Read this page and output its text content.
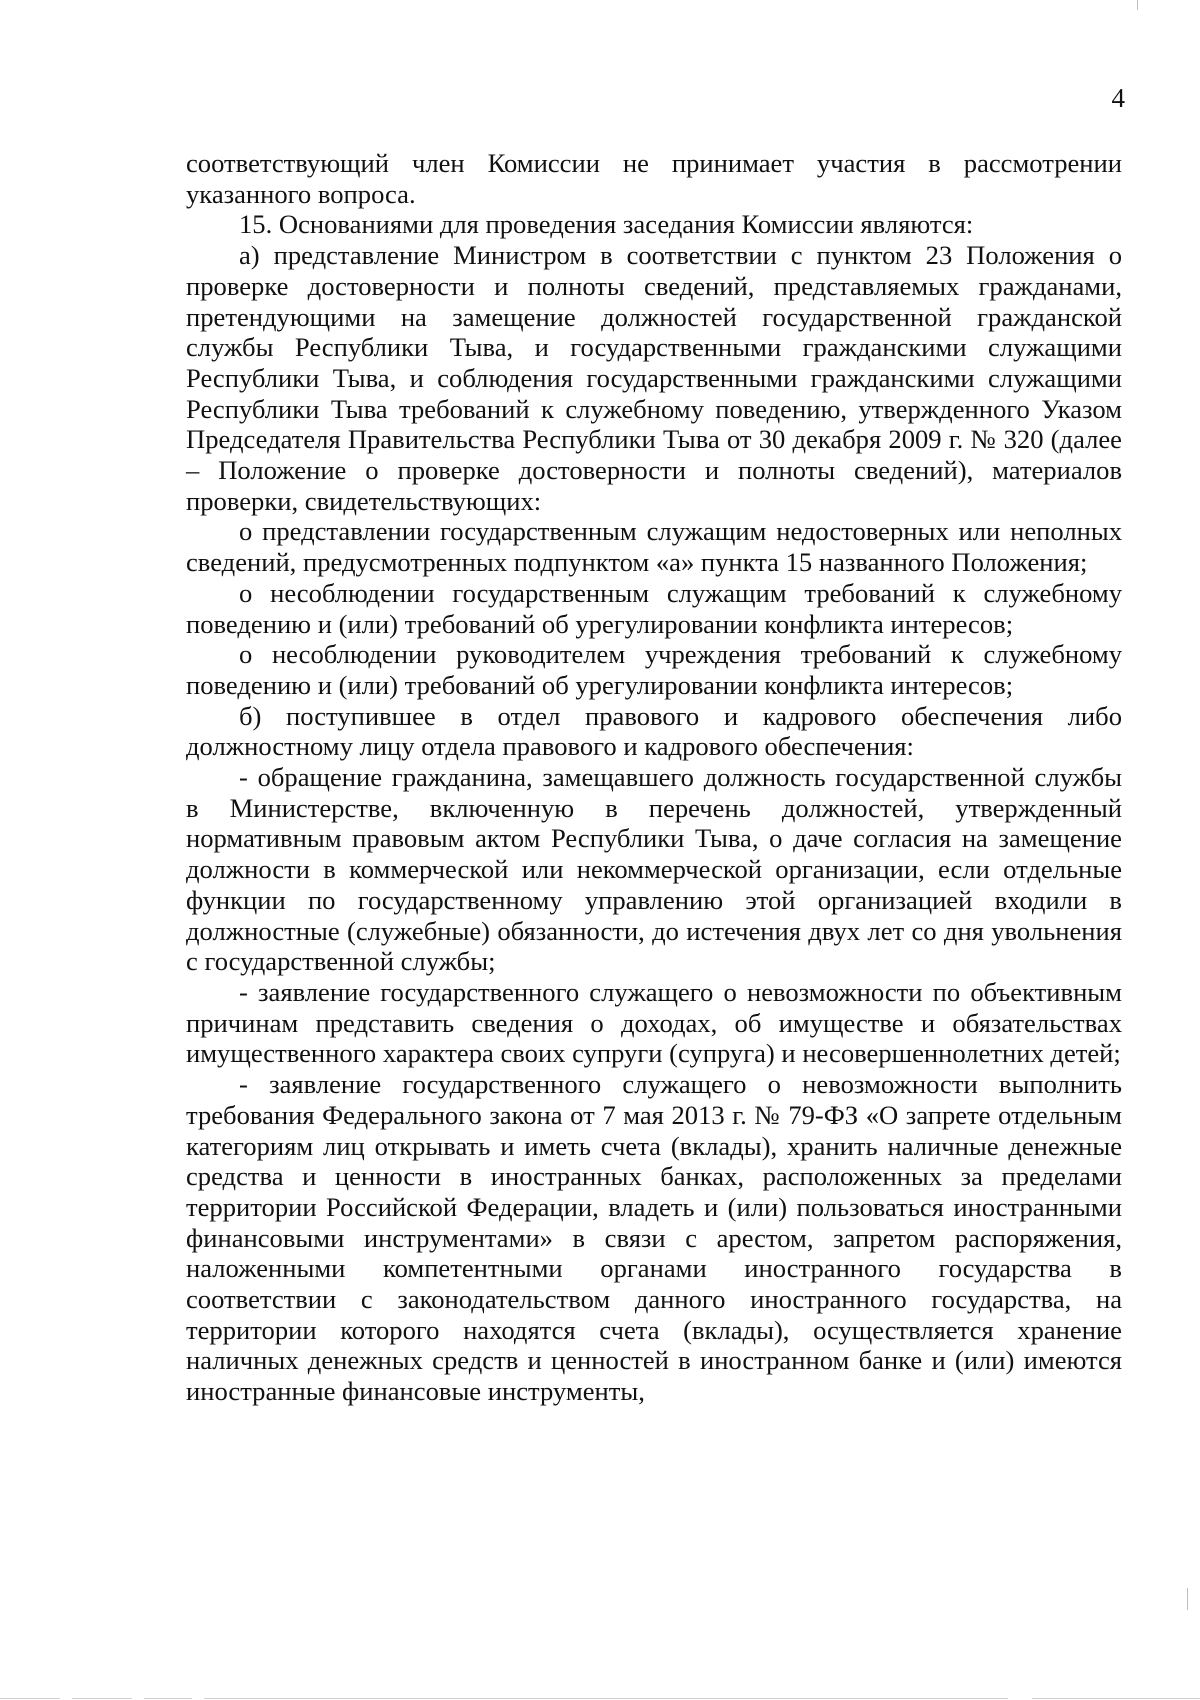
4

соответствующий член Комиссии не принимает участия в рассмотрении указанного вопроса.

15. Основаниями для проведения заседания Комиссии являются:

а) представление Министром в соответствии с пунктом 23 Положения о проверке достоверности и полноты сведений, представляемых гражданами, претендующими на замещение должностей государственной гражданской службы Республики Тыва, и государственными гражданскими служащими Республики Тыва, и соблюдения государственными гражданскими служащими Республики Тыва требований к служебному поведению, утвержденного Указом Председателя Правительства Республики Тыва от 30 декабря 2009 г. № 320 (далее – Положение о проверке достоверности и полноты сведений), материалов проверки, свидетельствующих:

о представлении государственным служащим недостоверных или неполных сведений, предусмотренных подпунктом «а» пункта 15 названного Положения;

о несоблюдении государственным служащим требований к служебному поведению и (или) требований об урегулировании конфликта интересов;

о несоблюдении руководителем учреждения требований к служебному поведению и (или) требований об урегулировании конфликта интересов;

б) поступившее в отдел правового и кадрового обеспечения либо должностному лицу отдела правового и кадрового обеспечения:

- обращение гражданина, замещавшего должность государственной службы в Министерстве, включенную в перечень должностей, утвержденный нормативным правовым актом Республики Тыва, о даче согласия на замещение должности в коммерческой или некоммерческой организации, если отдельные функции по государственному управлению этой организацией входили в должностные (служебные) обязанности, до истечения двух лет со дня увольнения с государственной службы;

- заявление государственного служащего о невозможности по объективным причинам представить сведения о доходах, об имуществе и обязательствах имущественного характера своих супруги (супруга) и несовершеннолетних детей;

- заявление государственного служащего о невозможности выполнить требования Федерального закона от 7 мая 2013 г. № 79-ФЗ «О запрете отдельным категориям лиц открывать и иметь счета (вклады), хранить наличные денежные средства и ценности в иностранных банках, расположенных за пределами территории Российской Федерации, владеть и (или) пользоваться иностранными финансовыми инструментами» в связи с арестом, запретом распоряжения, наложенными компетентными органами иностранного государства в соответствии с законодательством данного иностранного государства, на территории которого находятся счета (вклады), осуществляется хранение наличных денежных средств и ценностей в иностранном банке и (или) имеются иностранные финансовые инструменты,
